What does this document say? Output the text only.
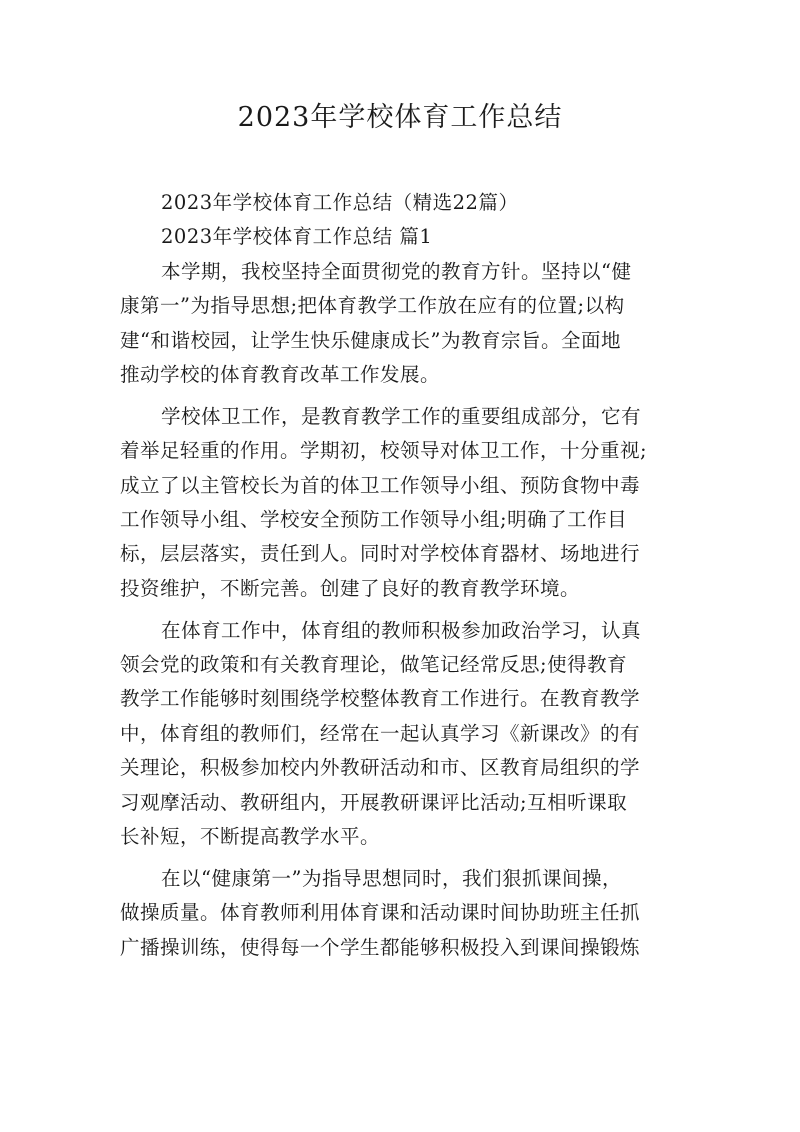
2023年学校体育工作总结
2023年学校体育工作总结（精选22篇）
2023年学校体育工作总结 篇1
本学期，我校坚持全面贯彻党的教育方针。坚持以“健
康第一”为指导思想;把体育教学工作放在应有的位置;以构
建“和谐校园，让学生快乐健康成长”为教育宗旨。全面地
推动学校的体育教育改革工作发展。
学校体卫工作，是教育教学工作的重要组成部分，它有
着举足轻重的作用。学期初，校领导对体卫工作，十分重视;
成立了以主管校长为首的体卫工作领导小组、预防食物中毒
工作领导小组、学校安全预防工作领导小组;明确了工作目
标，层层落实，责任到人。同时对学校体育器材、场地进行
投资维护，不断完善。创建了良好的教育教学环境。
在体育工作中，体育组的教师积极参加政治学习，认真
领会党的政策和有关教育理论，做笔记经常反思;使得教育
教学工作能够时刻围绕学校整体教育工作进行。在教育教学
中，体育组的教师们，经常在一起认真学习《新课改》的有
关理论，积极参加校内外教研活动和市、区教育局组织的学
习观摩活动、教研组内，开展教研课评比活动;互相听课取
长补短，不断提高教学水平。
在以“健康第一”为指导思想同时，我们狠抓课间操，
做操质量。体育教师利用体育课和活动课时间协助班主任抓
广播操训练，使得每一个学生都能够积极投入到课间操锻炼
